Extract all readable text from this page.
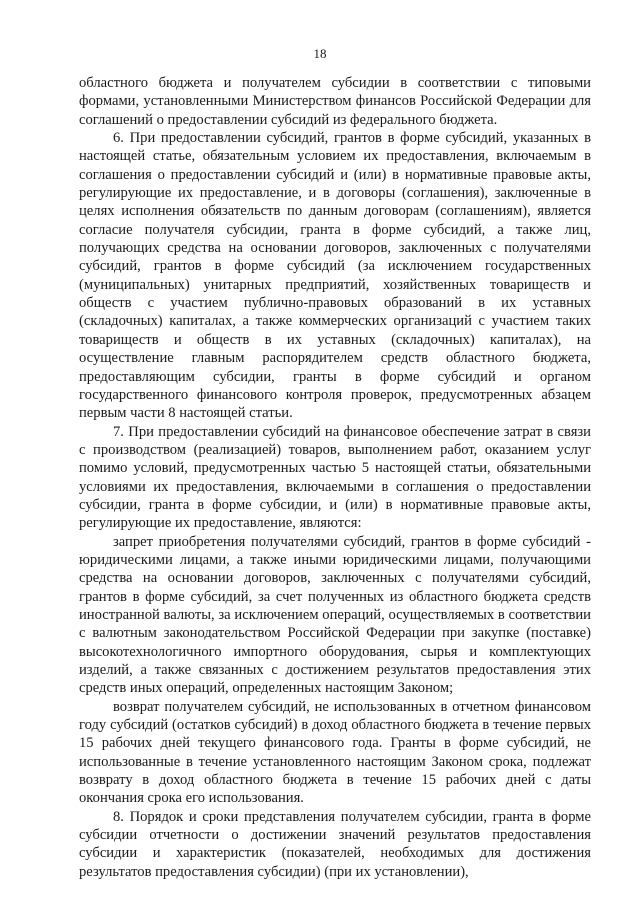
18

областного бюджета и получателем субсидии в соответствии с типовыми формами, установленными Министерством финансов Российской Федерации для соглашений о предоставлении субсидий из федерального бюджета.

6. При предоставлении субсидий, грантов в форме субсидий, указанных в настоящей статье, обязательным условием их предоставления, включаемым в соглашения о предоставлении субсидий и (или) в нормативные правовые акты, регулирующие их предоставление, и в договоры (соглашения), заключенные в целях исполнения обязательств по данным договорам (соглашениям), является согласие получателя субсидии, гранта в форме субсидий, а также лиц, получающих средства на основании договоров, заключенных с получателями субсидий, грантов в форме субсидий (за исключением государственных (муниципальных) унитарных предприятий, хозяйственных товариществ и обществ с участием публично-правовых образований в их уставных (складочных) капиталах, а также коммерческих организаций с участием таких товариществ и обществ в их уставных (складочных) капиталах), на осуществление главным распорядителем средств областного бюджета, предоставляющим субсидии, гранты в форме субсидий и органом государственного финансового контроля проверок, предусмотренных абзацем первым части 8 настоящей статьи.

7. При предоставлении субсидий на финансовое обеспечение затрат в связи с производством (реализацией) товаров, выполнением работ, оказанием услуг помимо условий, предусмотренных частью 5 настоящей статьи, обязательными условиями их предоставления, включаемыми в соглашения о предоставлении субсидии, гранта в форме субсидии, и (или) в нормативные правовые акты, регулирующие их предоставление, являются:

запрет приобретения получателями субсидий, грантов в форме субсидий - юридическими лицами, а также иными юридическими лицами, получающими средства на основании договоров, заключенных с получателями субсидий, грантов в форме субсидий, за счет полученных из областного бюджета средств иностранной валюты, за исключением операций, осуществляемых в соответствии с валютным законодательством Российской Федерации при закупке (поставке) высокотехнологичного импортного оборудования, сырья и комплектующих изделий, а также связанных с достижением результатов предоставления этих средств иных операций, определенных настоящим Законом;

возврат получателем субсидий, не использованных в отчетном финансовом году субсидий (остатков субсидий) в доход областного бюджета в течение первых 15 рабочих дней текущего финансового года. Гранты в форме субсидий, не использованные в течение установленного настоящим Законом срока, подлежат возврату в доход областного бюджета в течение 15 рабочих дней с даты окончания срока его использования.

8. Порядок и сроки представления получателем субсидии, гранта в форме субсидии отчетности о достижении значений результатов предоставления субсидии и характеристик (показателей, необходимых для достижения результатов предоставления субсидии) (при их установлении),
